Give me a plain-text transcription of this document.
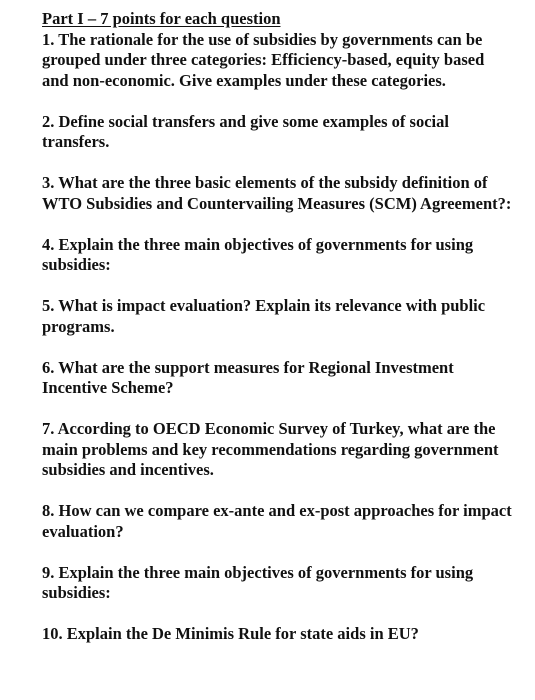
Part I – 7 points for each question

1. The rationale for the use of subsidies by governments can be grouped under three categories: Efficiency-based, equity based and non-economic. Give examples under these categories.

2. Define social transfers and give some examples of social transfers.

3. What are the three basic elements of the subsidy definition of WTO Subsidies and Countervailing Measures (SCM) Agreement?:

4. Explain the three main objectives of governments for using subsidies:

5. What is impact evaluation? Explain its relevance with public programs.

6. What are the support measures for Regional Investment Incentive Scheme?

7. According to OECD Economic Survey of Turkey, what are the main problems and key recommendations regarding government subsidies and incentives.

8. How can we compare ex-ante and ex-post approaches for impact evaluation?

9. Explain the three main objectives of governments for using subsidies:

10. Explain the De Minimis Rule for state aids in EU?
